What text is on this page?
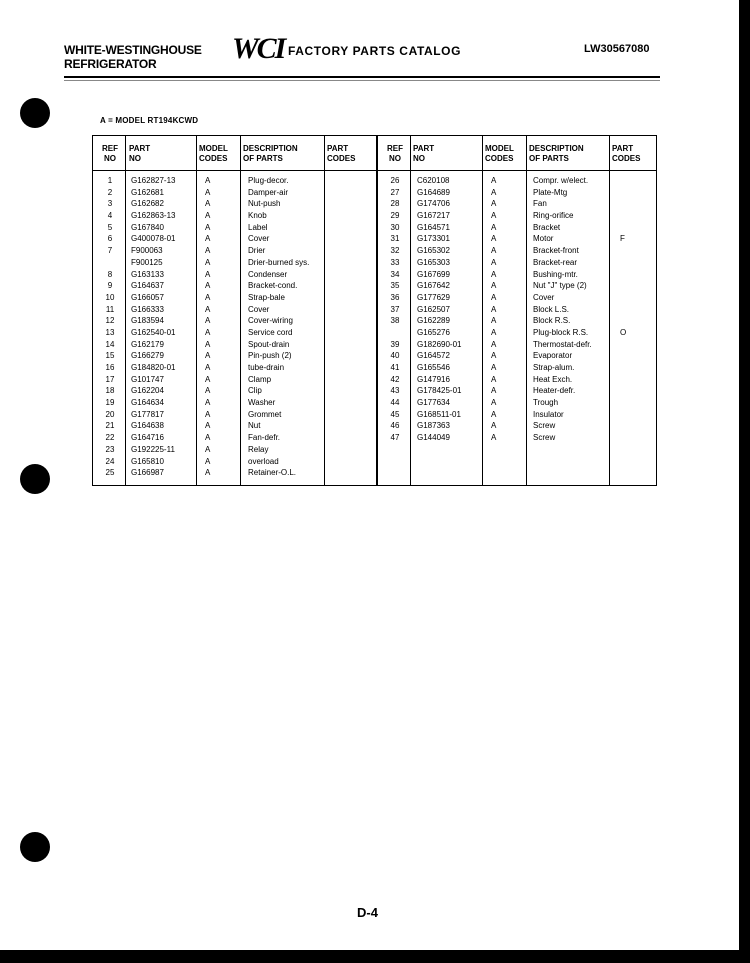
WHITE-WESTINGHOUSE
REFRIGERATOR	WCI FACTORY PARTS CATALOG	LW30567080
A = MODEL RT194KCWD
REF
NO
PART
NO
MODEL
CODES
DESCRIPTION
OF PARTS
PART
CODES
REF
NO
PART
NO
MODEL
CODES
DESCRIPTION
OF PARTS
PART
CODES
1
2
3
4
5
6
7

8
9
10
11
12
13
14
15
16
17
18
19
20
21
22
23
24
25
G162827-13
G162681
G162682
G162863-13
G167840
G400078-01
F900063
F900125
G163133
G164637
G166057
G166333
G183594
G162540-01
G162179
G166279
G184820-01
G101747
G162204
G164634
G177817
G164638
G164716
G192225-11
G165810
G166987
A
A
A
A
A
A
A
A
A
A
A
A
A
A
A
A
A
A
A
A
A
A
A
A
A
A
Plug-decor.
Damper-air
Nut-push
Knob
Label
Cover
Drier
Drier-burned sys.
Condenser
Bracket-cond.
Strap-bale
Cover
Cover-wiring
Service cord
Spout-drain
Pin-push (2)
tube-drain
Clamp
Clip
Washer
Grommet
Nut
Fan-defr.
Relay
overload
Retainer-O.L.

26
27
28
29
30
31
32
33
34
35
36
37
38

39
40
41
42
43
44
45
46
47
C620108
G164689
G174706
G167217
G164571
G173301
G165302
G165303
G167699
G167642
G177629
G162507
G162289
G165276
G182690-01
G164572
G165546
G147916
G178425-01
G177634
G168511-01
G187363
G144049
A
A
A
A
A
A
A
A
A
A
A
A
A
A
A
A
A
A
A
A
A
A
A
Compr. w/elect.
Plate-Mtg
Fan
Ring-orifice
Bracket
Motor
Bracket-front
Bracket-rear
Bushing-mtr.
Nut "J" type (2)
Cover
Block L.S.
Block R.S.
Plug-block R.S.
Thermostat-defr.
Evaporator
Strap-alum.
Heat Exch.
Heater-defr.
Trough
Insulator
Screw
Screw

F

O

D-4
